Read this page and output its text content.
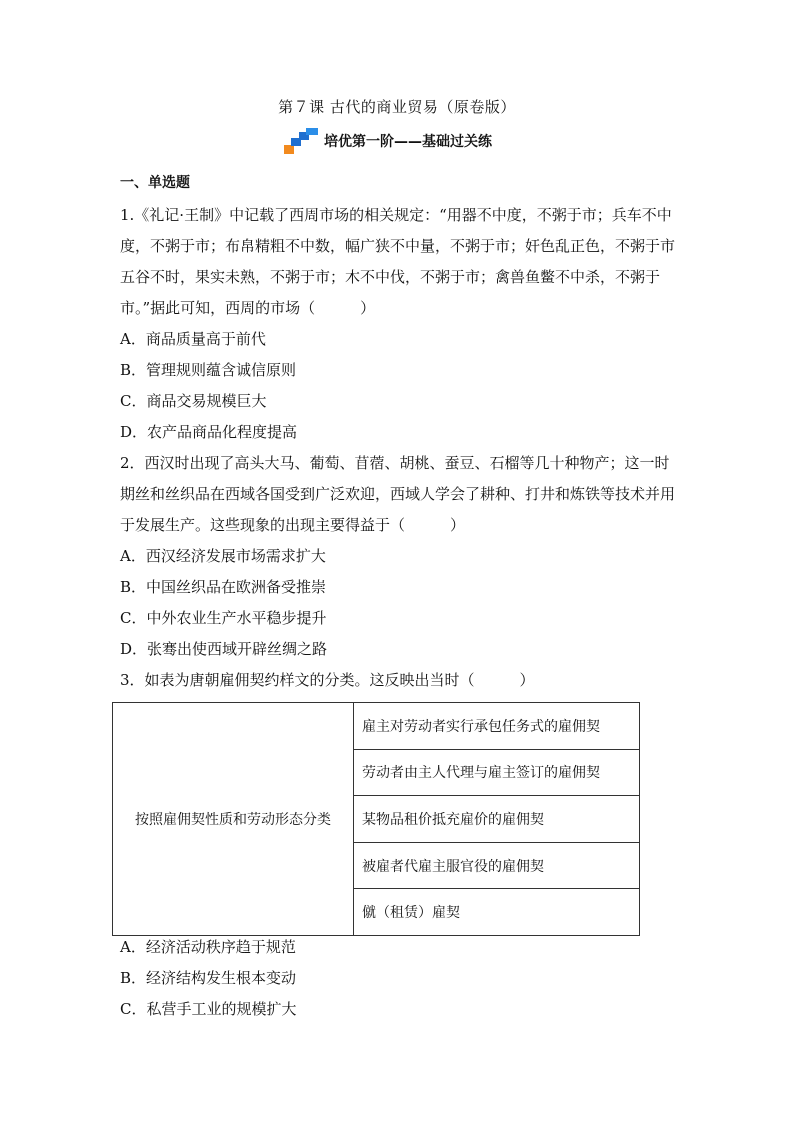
第７课 古代的商业贸易（原卷版）
培优第一阶——基础过关练
一、单选题
1.《礼记·王制》中记载了西周市场的相关规定：“用器不中度，不粥于市；兵车不中度，不粥于市；布帛精粗不中数，幅广狭不中量，不粥于市；奸色乱正色，不粥于市五谷不时，果实未熟，不粥于市；木不中伐，不粥于市；禽兽鱼鳖不中杀，不粥于市。”据此可知，西周的市场（　　　）
A．商品质量高于前代
B．管理规则蕴含诚信原则
C．商品交易规模巨大
D．农产品商品化程度提高
2．西汉时出现了高头大马、葡萄、苜蓿、胡桃、蚕豆、石榴等几十种物产；这一时期丝和丝织品在西域各国受到广泛欢迎，西域人学会了耕种、打井和炼铁等技术并用于发展生产。这些现象的出现主要得益于（　　　）
A．西汉经济发展市场需求扩大
B．中国丝织品在欧洲备受推崇
C．中外农业生产水平稳步提升
D．张骞出使西域开辟丝绸之路
3．如表为唐朝雇佣契约样文的分类。这反映出当时（　　　）
按照雇佣契性质和劳动形态分类	雇主对劳动者实行承包任务式的雇佣契
劳动者由主人代理与雇主签订的雇佣契
某物品租价抵充雇价的雇佣契
被雇者代雇主服官役的雇佣契
僦（租赁）雇契
A．经济活动秩序趋于规范
B．经济结构发生根本变动
C．私营手工业的规模扩大
